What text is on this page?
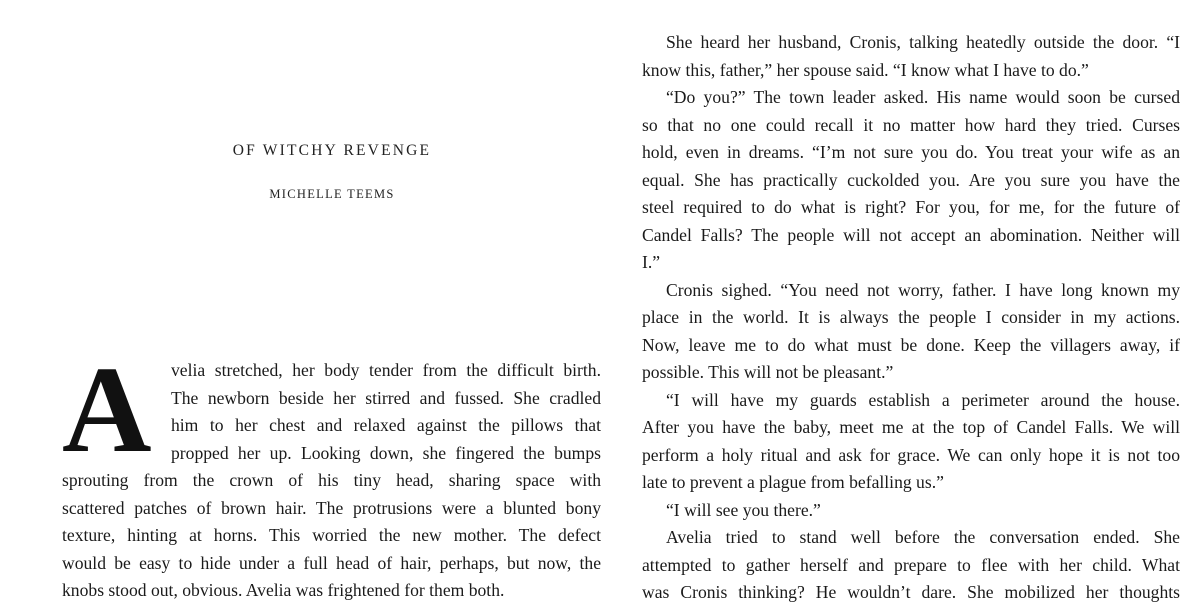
OF WITCHY REVENGE
MICHELLE TEEMS
A velia stretched, her body tender from the difficult birth.
The newborn beside her stirred and fussed. She cradled
him to her chest and relaxed against the pillows that
propped her up. Looking down, she fingered the bumps
sprouting from the crown of his tiny head, sharing space with
scattered patches of brown hair. The protrusions were a blunted bony
texture, hinting at horns. This worried the new mother. The defect
would be easy to hide under a full head of hair, perhaps, but now, the
knobs stood out, obvious. Avelia was frightened for them both.
She heard her husband, Cronis, talking heatedly outside the door. “I
know this, father,” her spouse said. “I know what I have to do.”
“Do you?” The town leader asked. His name would soon be cursed
so that no one could recall it no matter how hard they tried. Curses
hold, even in dreams. “I’m not sure you do. You treat your wife as an
equal. She has practically cuckolded you. Are you sure you have the
steel required to do what is right? For you, for me, for the future of
Candel Falls? The people will not accept an abomination. Neither will
I.”
Cronis sighed. “You need not worry, father. I have long known my
place in the world. It is always the people I consider in my actions.
Now, leave me to do what must be done. Keep the villagers away, if
possible. This will not be pleasant.”
“I will have my guards establish a perimeter around the house.
After you have the baby, meet me at the top of Candel Falls. We will
perform a holy ritual and ask for grace. We can only hope it is not too
late to prevent a plague from befalling us.”
“I will see you there.”
Avelia tried to stand well before the conversation ended. She
attempted to gather herself and prepare to flee with her child. What
was Cronis thinking? He wouldn’t dare. She mobilized her thoughts
